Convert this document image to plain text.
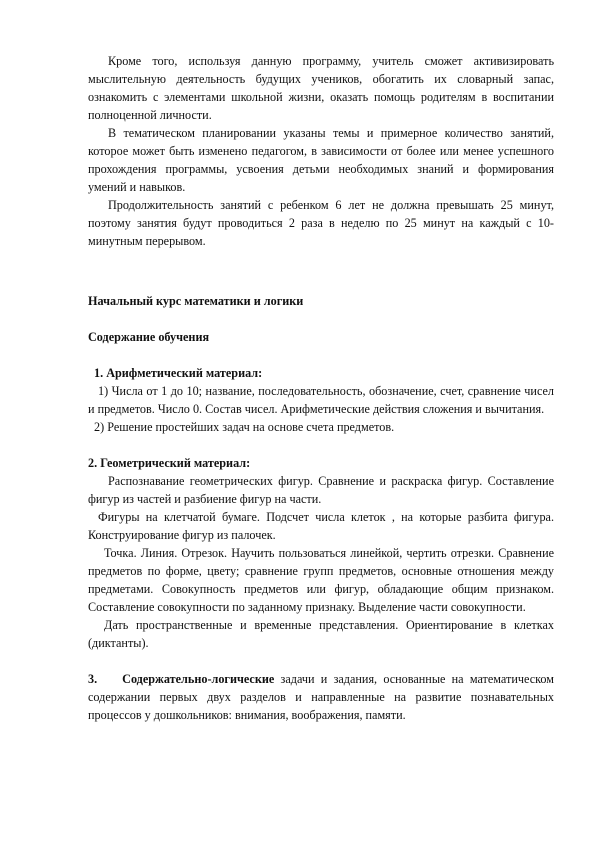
Кроме того, используя данную программу, учитель сможет активизировать мыслительную деятельность будущих учеников, обогатить их словарный запас, ознакомить с элементами школьной жизни, оказать помощь родителям в воспитании полноценной личности.

В тематическом планировании указаны темы и примерное количество занятий, которое может быть изменено педагогом, в зависимости от более или менее успешного прохождения программы, усвоения детьми необходимых знаний и формирования умений и навыков.

Продолжительность занятий с ребенком 6 лет не должна превышать 25 минут, поэтому занятия будут проводиться 2 раза в неделю по 25 минут на каждый с 10-минутным перерывом.

Начальный курс математики и логики

Содержание обучения

1. Арифметический материал:

1) Числа от 1 до 10; название, последовательность, обозначение, счет, сравнение чисел и предметов. Число 0. Состав чисел. Арифметические действия сложения и вычитания.

2) Решение простейших задач на основе счета предметов.

2. Геометрический материал:

Распознавание геометрических фигур. Сравнение и раскраска фигур. Составление фигур из частей и разбиение фигур на части.

Фигуры на клетчатой бумаге. Подсчет числа клеток , на которые разбита фигура. Конструирование фигур из палочек.

Точка. Линия. Отрезок. Научить пользоваться линейкой, чертить отрезки. Сравнение предметов по форме, цвету; сравнение групп предметов, основные отношения между предметами. Совокупность предметов или фигур, обладающие общим признаком. Составление совокупности по заданному признаку. Выделение части совокупности.

Дать пространственные и временные представления. Ориентирование в клетках (диктанты).

3. Содержательно-логические задачи и задания, основанные на математическом содержании первых двух разделов и направленные на развитие познавательных процессов у дошкольников: внимания, воображения, памяти.
